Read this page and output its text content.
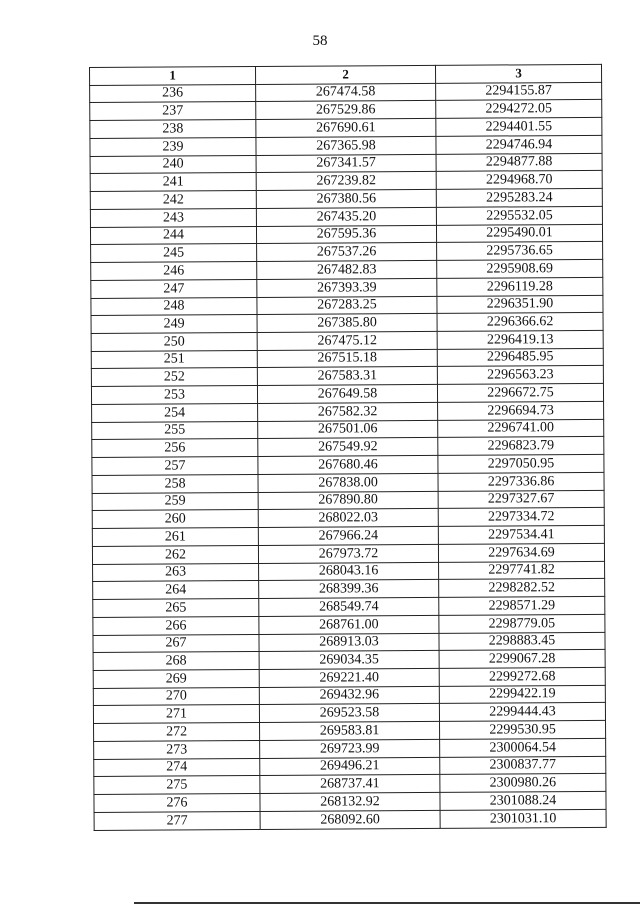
58
1	2	3
236	267474.58	2294155.87
237	267529.86	2294272.05
238	267690.61	2294401.55
239	267365.98	2294746.94
240	267341.57	2294877.88
241	267239.82	2294968.70
242	267380.56	2295283.24
243	267435.20	2295532.05
244	267595.36	2295490.01
245	267537.26	2295736.65
246	267482.83	2295908.69
247	267393.39	2296119.28
248	267283.25	2296351.90
249	267385.80	2296366.62
250	267475.12	2296419.13
251	267515.18	2296485.95
252	267583.31	2296563.23
253	267649.58	2296672.75
254	267582.32	2296694.73
255	267501.06	2296741.00
256	267549.92	2296823.79
257	267680.46	2297050.95
258	267838.00	2297336.86
259	267890.80	2297327.67
260	268022.03	2297334.72
261	267966.24	2297534.41
262	267973.72	2297634.69
263	268043.16	2297741.82
264	268399.36	2298282.52
265	268549.74	2298571.29
266	268761.00	2298779.05
267	268913.03	2298883.45
268	269034.35	2299067.28
269	269221.40	2299272.68
270	269432.96	2299422.19
271	269523.58	2299444.43
272	269583.81	2299530.95
273	269723.99	2300064.54
274	269496.21	2300837.77
275	268737.41	2300980.26
276	268132.92	2301088.24
277	268092.60	2301031.10
